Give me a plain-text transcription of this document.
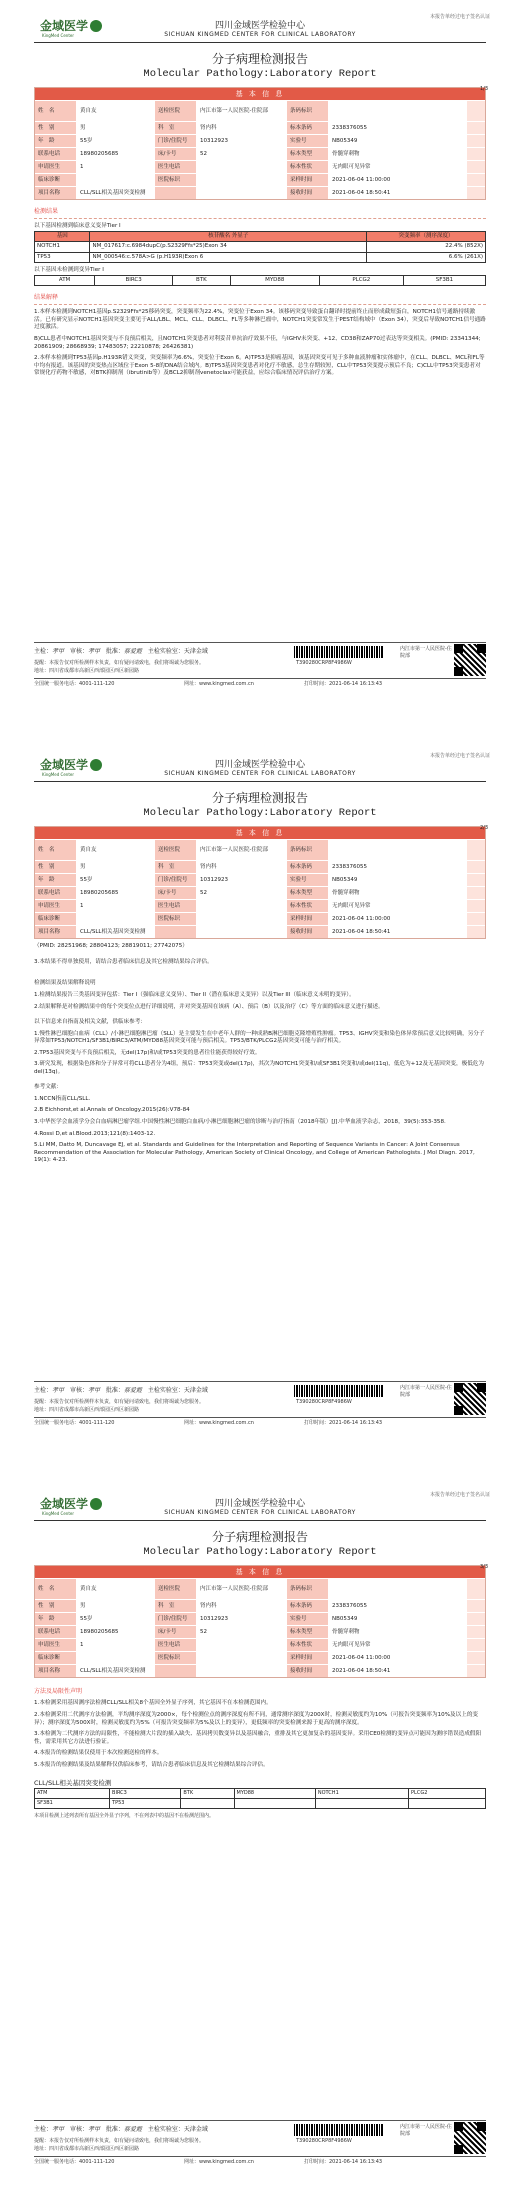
本报告单经过电子签名认证
金域医学
KingMed Center
四川金域医学检验中心
SICHUAN KINGMED CENTER FOR CLINICAL LABORATORY
分子病理检测报告
Molecular Pathology:Laboratory Report
1/3
基 本 信 息
姓　名	黄自友	送检医院	内江市第一人民医院-住院部	条码标识
性　别	男	科　室	肾内科	标本条码	2338376055
年　龄	55岁	门诊/住院号	10312923	实验号	NB05349
联系电话	18980205685	床/卡号	52	标本类型	骨髓穿刺物
申请医生	1	医生电话	标本性状	无肉眼可见异常
临床诊断	医院标识	采样时间	2021-06-04 11:00:00
项目名称	CLL/SLL相关基因突变检测	接收时间	2021-06-04 18:50:41
检测结果
以下基因检测到临床意义变异Tier I
基因	核苷酸名 外显子	突变频率（测序深度）
NOTCH1	NM_017617:c.6984dupC(p.S2329Ffs*25)Exon 34	22.4% (852X)
TP53	NM_000546:c.578A>G (p.H193R)Exon 6	6.6% (261X)
以下基因未检测到变异Tier I
ATM	BIRC3	BTK	MYD88	PLCG2	SF3B1
结果解释
1.本样本检测到NOTCH1基因p.S2329Ffs*25移码突变，突变频率为22.4%，突变位于Exon 34。该移码突变导致蛋白翻译时提前终止而形成截短蛋白，NOTCH1信号通路持续激活。已有研究显示NOTCH1基因突变主要见于ALL/LBL、MCL、CLL、DLBCL、FL等多种淋巴瘤中，NOTCH1突变常发生于PEST结构域中（Exon 34），突变后导致NOTCH1信号通路过度激活。
B)CLL患者中NOTCH1基因突变与不良预后相关，且NOTCH1突变患者对利妥昔单抗治疗效果不佳，与IGHV未突变、+12、CD38和ZAP70过表达等突变相关。(PMID: 23341344; 20861909; 28668939; 17483057; 22210878; 26426381)
2.本样本检测到TP53基因p.H193R错义突变，突变频率为6.6%，突变位于Exon 6。A)TP53是抑癌基因，该基因突变可见于多种血液肿瘤和实体瘤中，在CLL、DLBCL、MCL和FL等中均有报道。该基因的突变热点区域位于Exon 5-8的DNA结合域内。B)TP53基因突变患者对化疗不敏感，总生存期较短，CLL中TP53突变提示预后不良；C)CLL中TP53突变患者对常规化疗药物不敏感，对BTK抑制剂（ibrutinib等）及BCL2抑制剂venetoclax可能获益，应综合临床情况评估治疗方案。
主检：孝甲 审核：孝甲 批准：蔡爱霞 主检实验室：天津金域
T390280CRP8F4986W
内江市第一人民医院-住院部
提醒：本报告仅对所检测样本负责，如有疑问请致电，我们将竭诚为您服务。
地址：四川省成都市高新区西部园区西区新园路
全国统一服务电话：4001-111-120	网址：www.kingmed.com.cn	打印时间：2021-06-14 16:13:43
本报告单经过电子签名认证
金域医学
KingMed Center
四川金域医学检验中心
SICHUAN KINGMED CENTER FOR CLINICAL LABORATORY
分子病理检测报告
Molecular Pathology:Laboratory Report
2/3
基 本 信 息
姓　名	黄自友	送检医院	内江市第一人民医院-住院部	条码标识
性　别	男	科　室	肾内科	标本条码	2338376055
年　龄	55岁	门诊/住院号	10312923	实验号	NB05349
联系电话	18980205685	床/卡号	52	标本类型	骨髓穿刺物
申请医生	1	医生电话	标本性状	无肉眼可见异常
临床诊断	医院标识	采样时间	2021-06-04 11:00:00
项目名称	CLL/SLL相关基因突变检测	接收时间	2021-06-04 18:50:41
（PMID: 28251968; 28804123; 28819011; 27742075）
3.本结果不得单独使用，请结合患者临床信息及其它检测结果综合评估。
检测结果及结果解释说明
1.检测结果报告三类基因变异包括：Tier I（强临床意义变异）、Tier II（潜在临床意义变异）以及Tier III（临床意义未明的变异）。
2.结果解释是对检测结果中的每个突变位点进行详细说明，并对突变基因在该病（A）、预后（B）以及治疗（C）等方面的临床意义进行描述。
以下信息来自指南及相关文献，供临床参考：
1.慢性淋巴细胞白血病（CLL）/小淋巴细胞淋巴瘤（SLL）是主要发生在中老年人群的一种成熟B淋巴细胞克隆增殖性肿瘤。TP53、IGHV突变和染色体异常预后意义比较明确，另分子异常如TP53/NOTCH1/SF3B1/BIRC3/ATM/MYD88基因突变可能与预后相关。TP53/BTK/PLCG2基因突变可能与治疗相关。
2.TP53基因突变与不良预后相关，无del(17p)和/或TP53突变的患者往往能获得较好疗效。
3.研究发现，根据染色体和分子异常可将CLL患者分为4组，预后：TP53突变或del(17p)，其次为NOTCH1突变和/或SF3B1突变和/或del(11q)，低危为+12及无基因突变，极低危为del(13q)。
参考文献：
1.NCCN指南CLL/SLL.
2.B Eichhorst,et al.Annals of Oncology.2015(26):V78-84
3.中华医学会血液学分会白血病淋巴瘤学组.中国慢性淋巴细胞白血病/小淋巴细胞淋巴瘤的诊断与治疗指南（2018年版）[J].中华血液学杂志，2018，39(5):353-358.
4.Rossi D,et al.Blood.2013;121(8):1403-12.
5.Li MM, Datto M, Duncavage EJ, et al. Standards and Guidelines for the Interpretation and Reporting of Sequence Variants in Cancer: A Joint Consensus Recommendation of the Association for Molecular Pathology, American Society of Clinical Oncology, and College of American Pathologists. J Mol Diagn. 2017, 19(1): 4-23.
主检：孝甲 审核：孝甲 批准：蔡爱霞 主检实验室：天津金域
T390280CRP8F4986W
内江市第一人民医院-住院部
提醒：本报告仅对所检测样本负责，如有疑问请致电，我们将竭诚为您服务。
地址：四川省成都市高新区西部园区西区新园路
全国统一服务电话：4001-111-120	网址：www.kingmed.com.cn	打印时间：2021-06-14 16:13:43
本报告单经过电子签名认证
金域医学
KingMed Center
四川金域医学检验中心
SICHUAN KINGMED CENTER FOR CLINICAL LABORATORY
分子病理检测报告
Molecular Pathology:Laboratory Report
3/3
基 本 信 息
姓　名	黄自友	送检医院	内江市第一人民医院-住院部	条码标识
性　别	男	科　室	肾内科	标本条码	2338376055
年　龄	55岁	门诊/住院号	10312923	实验号	NB05349
联系电话	18980205685	床/卡号	52	标本类型	骨髓穿刺物
申请医生	1	医生电话	标本性状	无肉眼可见异常
临床诊断	医院标识	采样时间	2021-06-04 11:00:00
项目名称	CLL/SLL相关基因突变检测	接收时间	2021-06-04 18:50:41
方法及局限性声明
1.本检测采用基因测序法检测CLL/SLL相关8个基因全外显子序列，其它基因不在本检测范围内。
2.本检测采用二代测序方法检测，平均测序深度为2000×，每个检测位点的测序深度有所不同，通常测序深度为200X时，检测灵敏度约为10%（可报告突变频率为10%及以上的变异）；测序深度为500X时，检测灵敏度约为5%（可报告突变频率为5%及以上的变异），更低频率的突变检测来源于更高的测序深度。
3.本检测为二代测序方法的局限性，不能检测大片段的插入缺失、基因拷贝数变异以及基因融合，重排及其它更加复杂的基因变异。采用CE0检测的变异点可能因为测序错误造成假阳性，需采用其它方法进行验证。
4.本报告的检测结果仅使用于本次检测送检的样本。
5.本报告的检测结果及结果解释仅供临床参考，请结合患者临床信息及其它检测结果综合评估。
CLL/SLL相关基因突变检测
ATM	BIRC3	BTK	MYD88	NOTCH1	PLCG2
SF3B1	TP53				
本项目检测上述列表所有基因全外显子序列，不在列表中的基因不在检测范围内。
主检：孝甲 审核：孝甲 批准：蔡爱霞 主检实验室：天津金域
T390280CRP8F4986W
内江市第一人民医院-住院部
提醒：本报告仅对所检测样本负责，如有疑问请致电，我们将竭诚为您服务。
地址：四川省成都市高新区西部园区西区新园路
全国统一服务电话：4001-111-120	网址：www.kingmed.com.cn	打印时间：2021-06-14 16:13:43
